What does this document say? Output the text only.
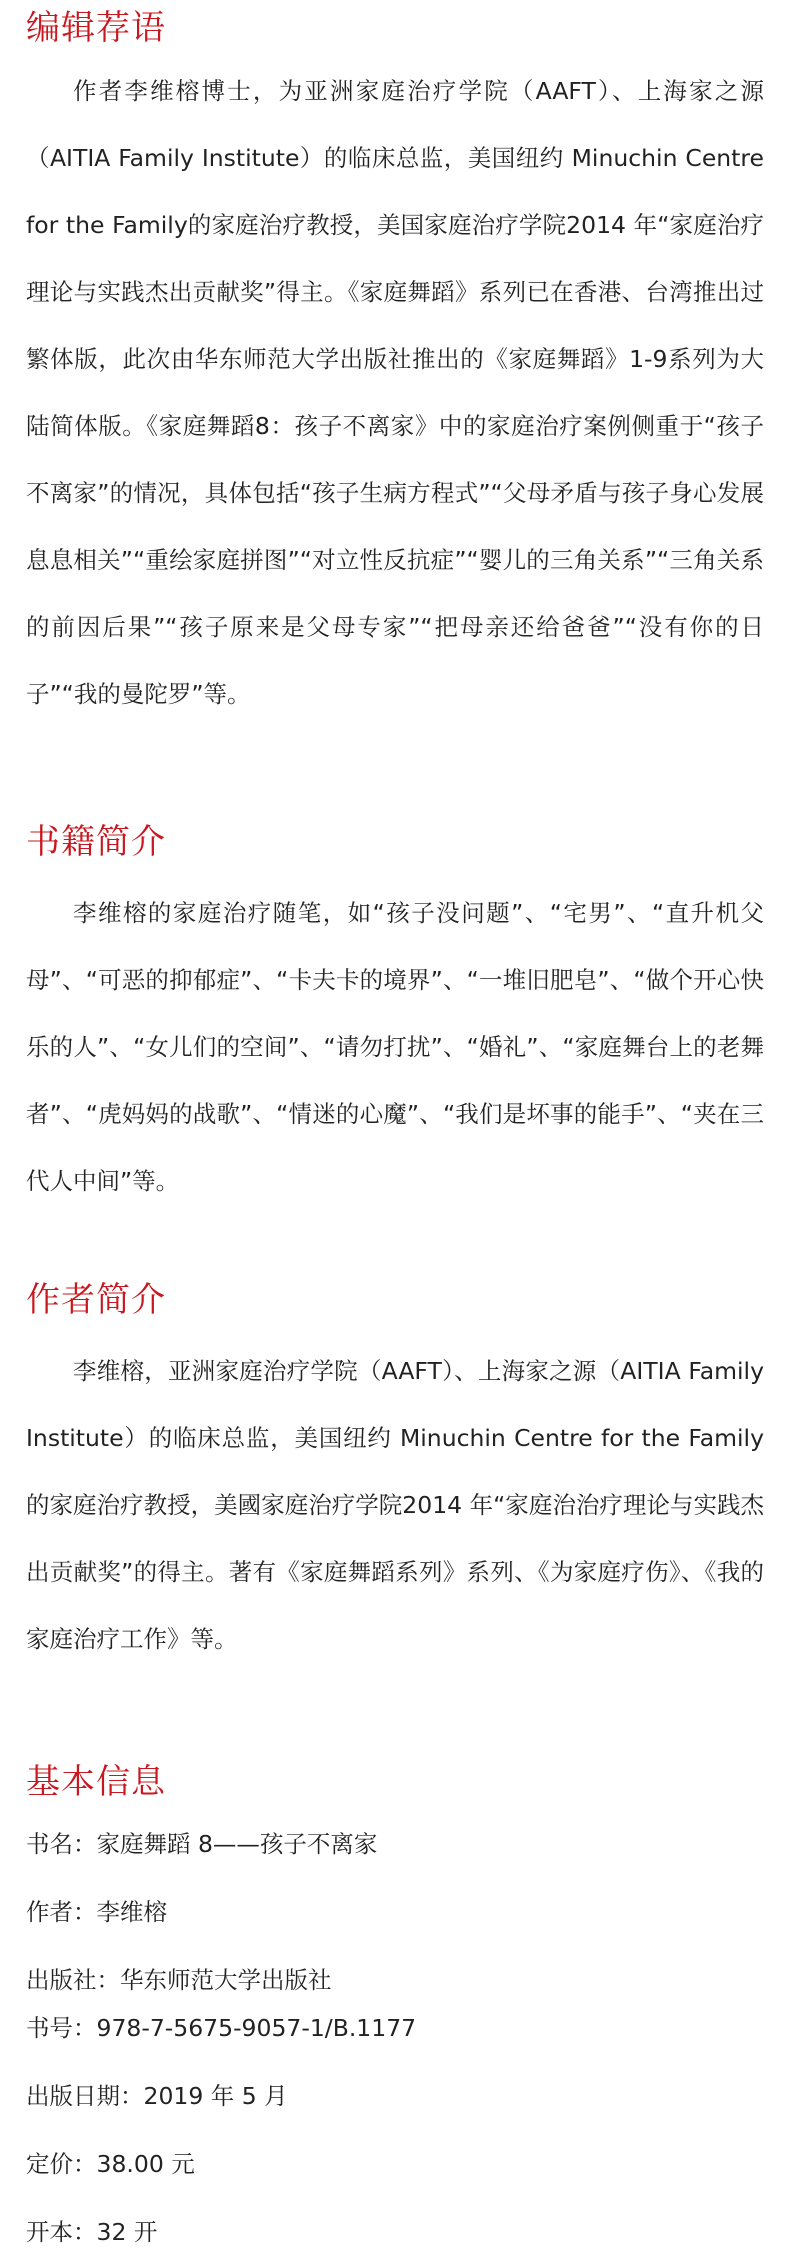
编辑荐语

作者李维榕博士，为亚洲家庭治疗学院（AAFT）、上海家之源（AITIA Family Institute）的临床总监，美国纽约 Minuchin Centre for the Family的家庭治疗教授，美国家庭治疗学院2014 年“家庭治疗理论与实践杰出贡献奖”得主。《家庭舞蹈》系列已在香港、台湾推出过繁体版，此次由华东师范大学出版社推出的《家庭舞蹈》1-9系列为大陆简体版。《家庭舞蹈8：孩子不离家》中的家庭治疗案例侧重于“孩子不离家”的情况，具体包括“孩子生病方程式”“父母矛盾与孩子身心发展息息相关”“重绘家庭拼图”“对立性反抗症”“婴儿的三角关系”“三角关系的前因后果”“孩子原来是父母专家”“把母亲还给爸爸”“没有你的日子”“我的曼陀罗”等。

书籍简介

李维榕的家庭治疗随笔，如“孩子没问题”、“宅男”、“直升机父母”、“可恶的抑郁症”、“卡夫卡的境界”、“一堆旧肥皂”、“做个开心快乐的人”、“女儿们的空间”、“请勿打扰”、“婚礼”、“家庭舞台上的老舞者”、“虎妈妈的战歌”、“情迷的心魔”、“我们是坏事的能手”、“夹在三代人中间”等。

作者简介

李维榕，亚洲家庭治疗学院（AAFT）、上海家之源（AITIA Family Institute）的临床总监，美国纽约 Minuchin Centre for the Family的家庭治疗教授，美國家庭治疗学院2014 年“家庭治治疗理论与实践杰出贡献奖”的得主。著有《家庭舞蹈系列》系列、《为家庭疗伤》、《我的家庭治疗工作》等。

基本信息
书名：家庭舞蹈 8——孩子不离家
作者：李维榕
出版社：华东师范大学出版社
书号：978-7-5675-9057-1/B.1177
出版日期：2019 年 5 月
定价：38.00 元
开本：32 开
